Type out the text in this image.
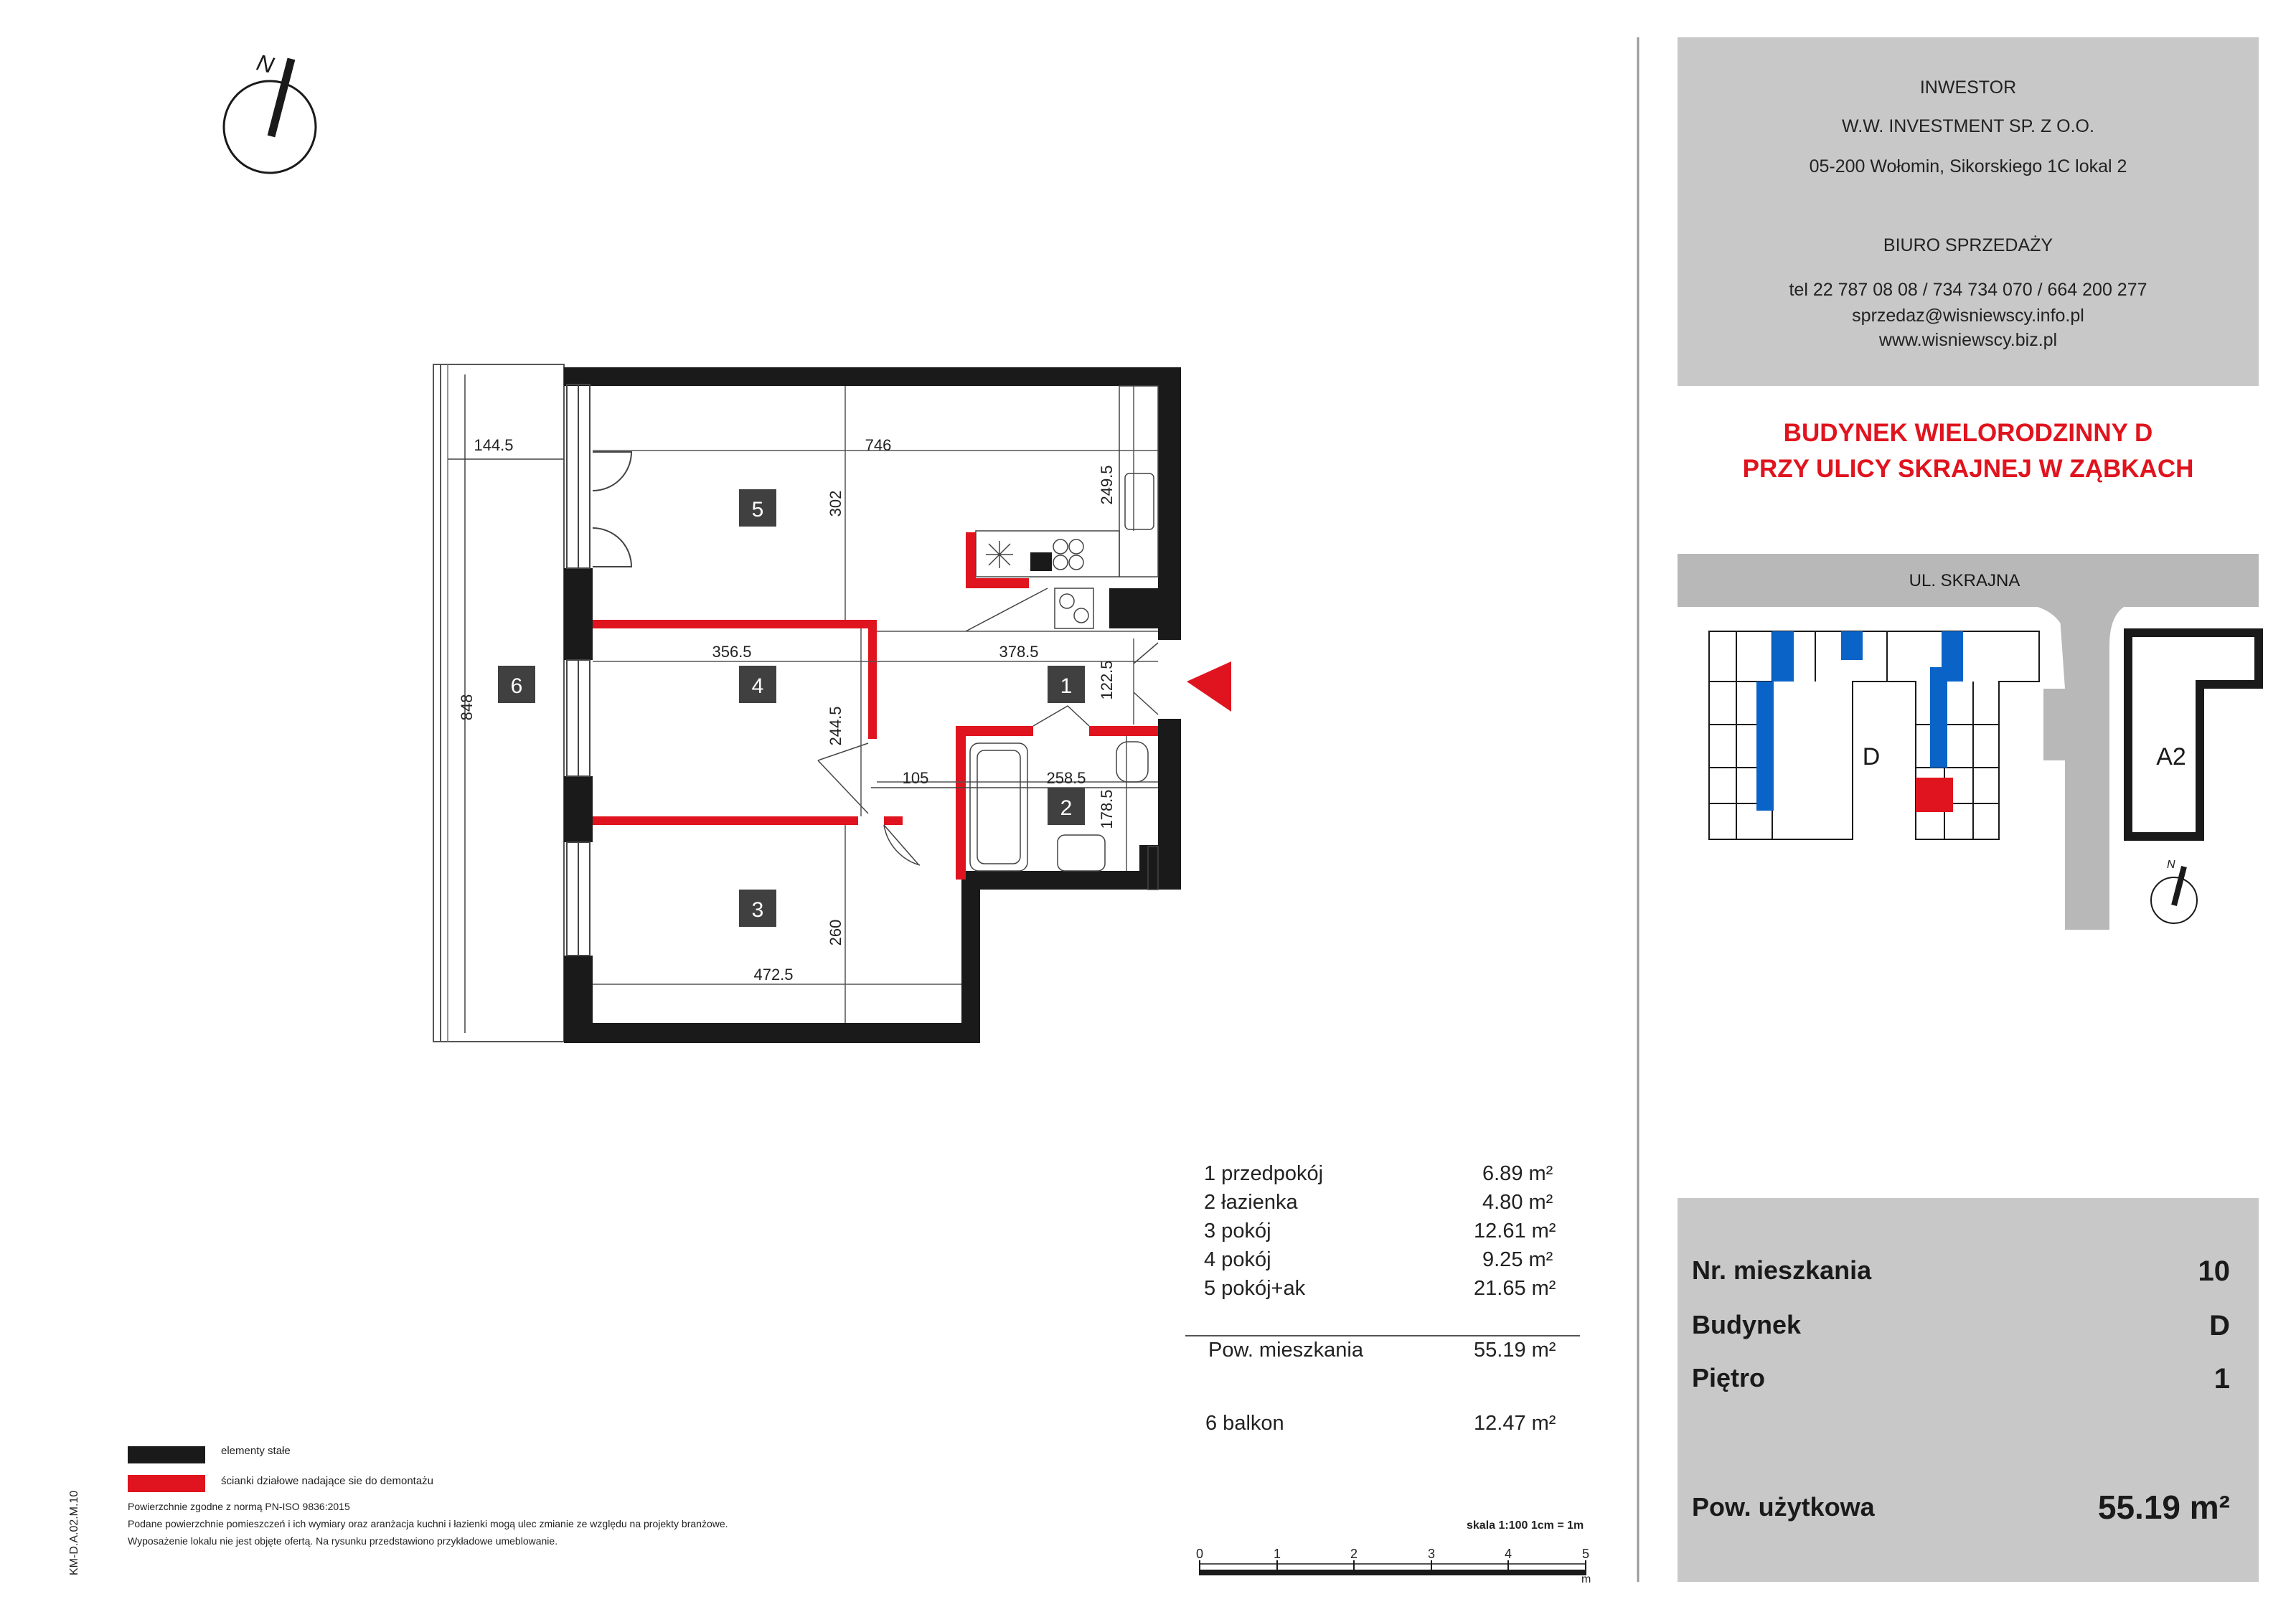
N
5
4
3
1
2
6
144.5	746
249.5
302
356.5	378.5
122.5
244.5
105	258.5
178.5
260
472.5
848
UL. SKRAJNA
D	A2
N
0	1	2	3	4	5
m
KM-D.A.02.M.10
INWESTOR
W.W. INVESTMENT SP. Z O.O.
05-200 Wołomin, Sikorskiego 1C lokal 2
BIURO SPRZEDAŻY
tel 22 787 08 08 / 734 734 070 / 664 200 277
sprzedaz@wisniewscy.info.pl
www.wisniewscy.biz.pl
BUDYNEK WIELORODZINNY D
PRZY ULICY SKRAJNEJ W ZĄBKACH
1 przedpokój	6.89 m²
2 łazienka	4.80 m²
3 pokój	12.61 m²
4 pokój	9.25 m²
5 pokój+ak	21.65 m²
Pow. mieszkania	55.19 m²
6 balkon	12.47 m²
skala 1:100 1cm = 1m
elementy stałe
ścianki działowe nadające sie do demontażu
Powierzchnie zgodne z normą PN-ISO 9836:2015
Podane powierzchnie pomieszczeń i ich wymiary oraz aranżacja kuchni i łazienki mogą ulec zmianie ze względu na projekty branżowe.
Wyposażenie lokalu nie jest objęte ofertą. Na rysunku przedstawiono przykładowe umeblowanie.
Nr. mieszkania	10
Budynek	D
Piętro	1
Pow. użytkowa	55.19 m²
